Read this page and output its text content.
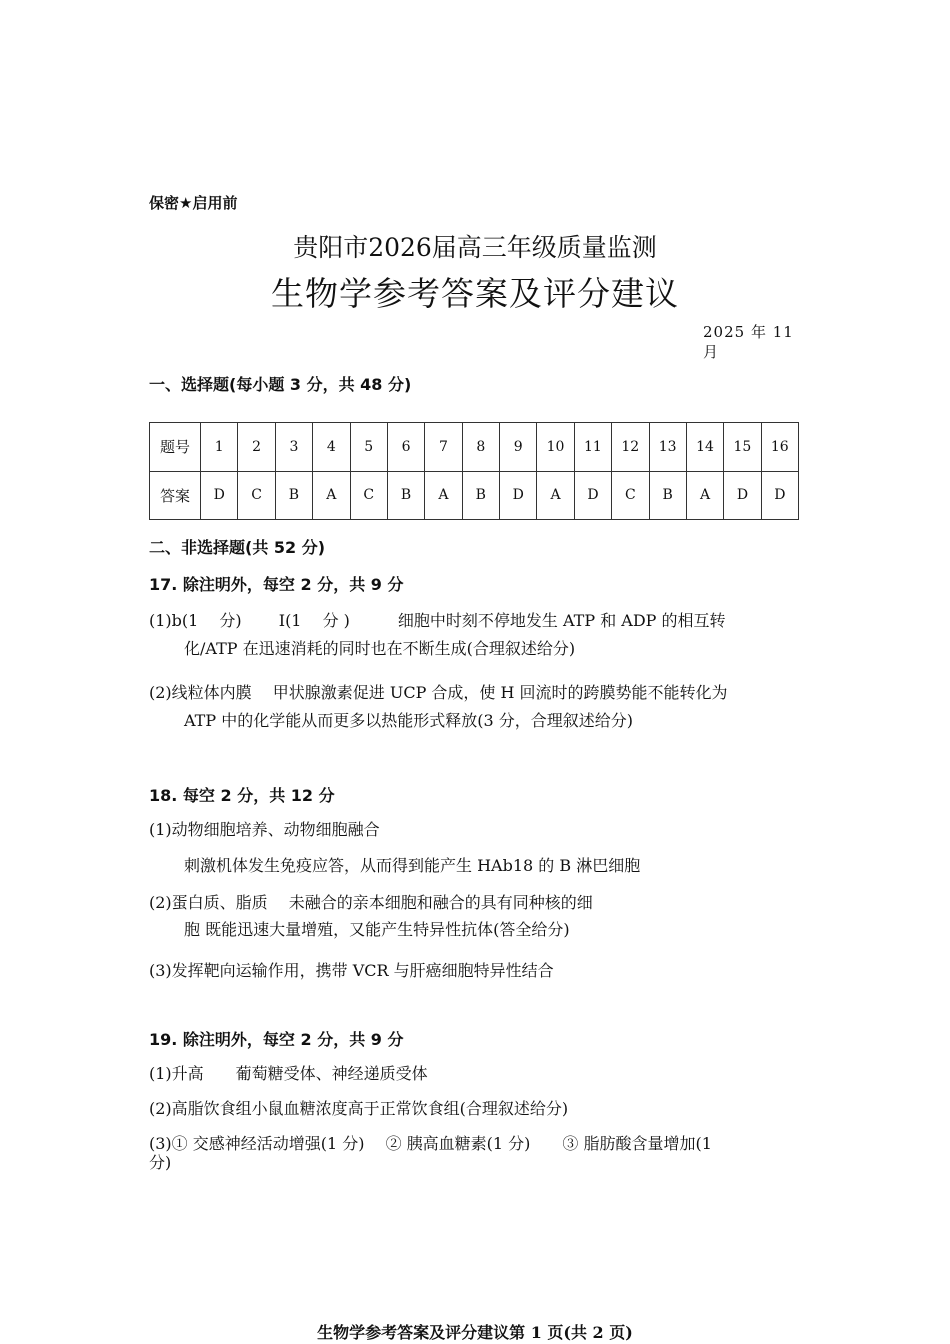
保密★启用前
贵阳市2026届高三年级质量监测
生物学参考答案及评分建议
2025 年 11 月
一、选择题(每小题 3 分，共 48 分)
题号	1	2	3	4	5	6	7	8	9	10	11	12	13	14	15	16
答案	D	C	B	A	C	B	A	B	D	A	D	C	B	A	D	D
二、非选择题(共 52 分)
17. 除注明外，每空 2 分，共 9 分
(1)b(1　 分)　　 I(1　 分 )　　　细胞中时刻不停地发生 ATP 和 ADP 的相互转
化/ATP 在迅速消耗的同时也在不断生成(合理叙述给分)
(2)线粒体内膜　 甲状腺激素促进 UCP 合成，使 H 回流时的跨膜势能不能转化为
ATP 中的化学能从而更多以热能形式释放(3 分，合理叙述给分)
18. 每空 2 分，共 12 分
(1)动物细胞培养、动物细胞融合
刺激机体发生免疫应答，从而得到能产生 HAb18 的 B 淋巴细胞
(2)蛋白质、脂质　 未融合的亲本细胞和融合的具有同种核的细
胞 既能迅速大量增殖，又能产生特异性抗体(答全给分)
(3)发挥靶向运输作用，携带 VCR 与肝癌细胞特异性结合
19. 除注明外，每空 2 分，共 9 分
(1)升高　　葡萄糖受体、神经递质受体
(2)高脂饮食组小鼠血糖浓度高于正常饮食组(合理叙述给分)
(3)① 交感神经活动增强(1 分)　 ② 胰高血糖素(1 分)　　③ 脂肪酸含量增加(1
分)
生物学参考答案及评分建议第 1 页(共 2 页)
